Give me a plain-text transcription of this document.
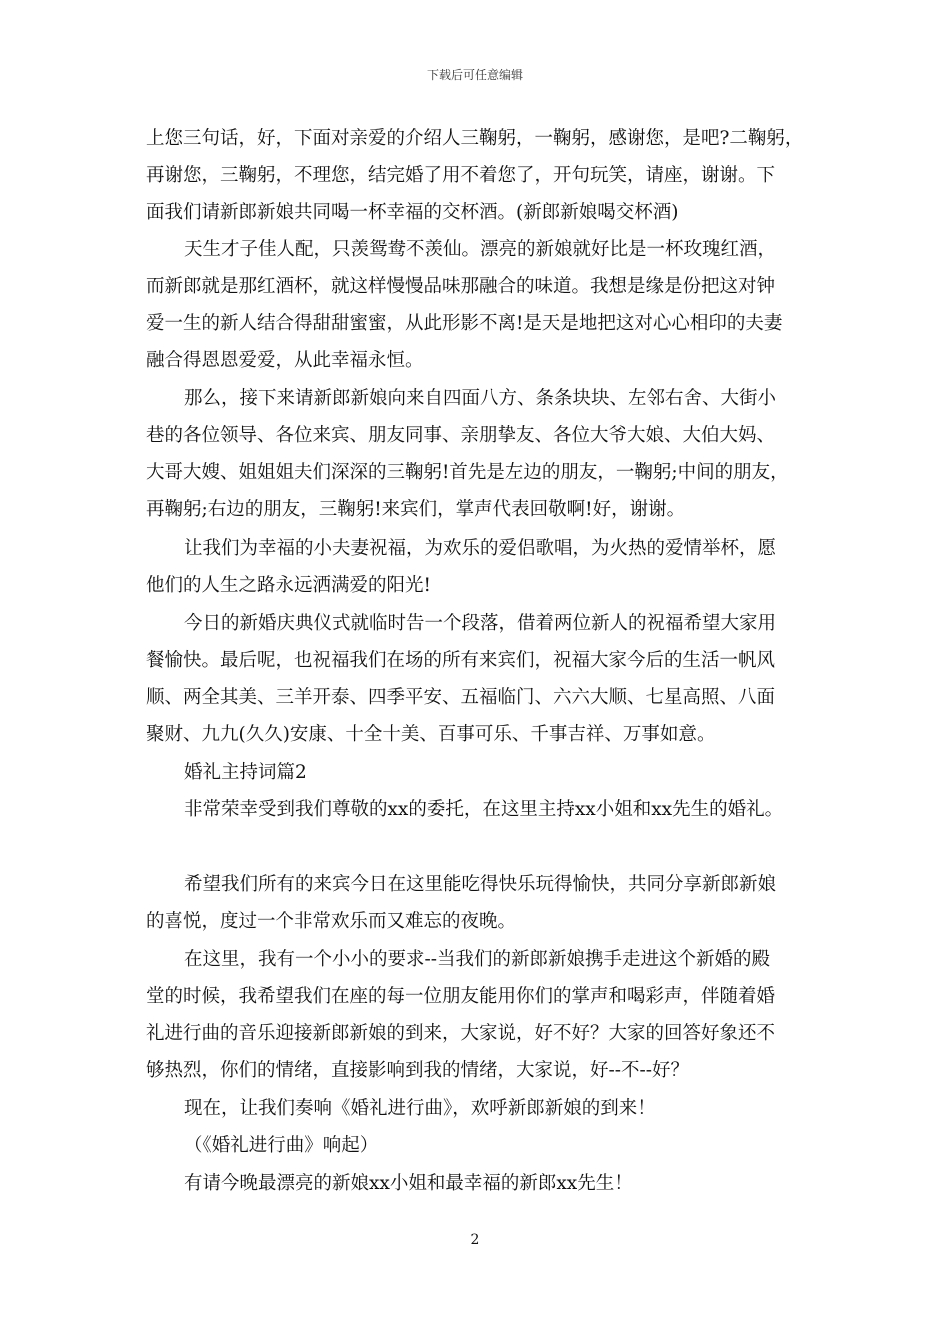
下载后可任意编辑
上您三句话，好，下面对亲爱的介绍人三鞠躬，一鞠躬，感谢您，是吧?二鞠躬，
再谢您，三鞠躬，不理您，结完婚了用不着您了，开句玩笑，请座，谢谢。下
面我们请新郎新娘共同喝一杯幸福的交杯酒。(新郎新娘喝交杯酒)
天生才子佳人配，只羡鸳鸯不羡仙。漂亮的新娘就好比是一杯玫瑰红酒，
而新郎就是那红酒杯，就这样慢慢品味那融合的味道。我想是缘是份把这对钟
爱一生的新人结合得甜甜蜜蜜，从此形影不离!是天是地把这对心心相印的夫妻
融合得恩恩爱爱，从此幸福永恒。
那么，接下来请新郎新娘向来自四面八方、条条块块、左邻右舍、大街小
巷的各位领导、各位来宾、朋友同事、亲朋挚友、各位大爷大娘、大伯大妈、
大哥大嫂、姐姐姐夫们深深的三鞠躬!首先是左边的朋友，一鞠躬;中间的朋友，
再鞠躬;右边的朋友，三鞠躬!来宾们，掌声代表回敬啊!好，谢谢。
让我们为幸福的小夫妻祝福，为欢乐的爱侣歌唱，为火热的爱情举杯，愿
他们的人生之路永远洒满爱的阳光!
今日的新婚庆典仪式就临时告一个段落，借着两位新人的祝福希望大家用
餐愉快。最后呢，也祝福我们在场的所有来宾们，祝福大家今后的生活一帆风
顺、两全其美、三羊开泰、四季平安、五福临门、六六大顺、七星高照、八面
聚财、九九(久久)安康、十全十美、百事可乐、千事吉祥、万事如意。
婚礼主持词篇2
非常荣幸受到我们尊敬的xx的委托，在这里主持xx小姐和xx先生的婚礼。
希望我们所有的来宾今日在这里能吃得快乐玩得愉快，共同分享新郎新娘
的喜悦，度过一个非常欢乐而又难忘的夜晚。
在这里，我有一个小小的要求--当我们的新郎新娘携手走进这个新婚的殿
堂的时候，我希望我们在座的每一位朋友能用你们的掌声和喝彩声，伴随着婚
礼进行曲的音乐迎接新郎新娘的到来，大家说，好不好？大家的回答好象还不
够热烈，你们的情绪，直接影响到我的情绪，大家说，好--不--好？
现在，让我们奏响《婚礼进行曲》，欢呼新郎新娘的到来！
（《婚礼进行曲》响起）
有请今晚最漂亮的新娘xx小姐和最幸福的新郎xx先生！
2
